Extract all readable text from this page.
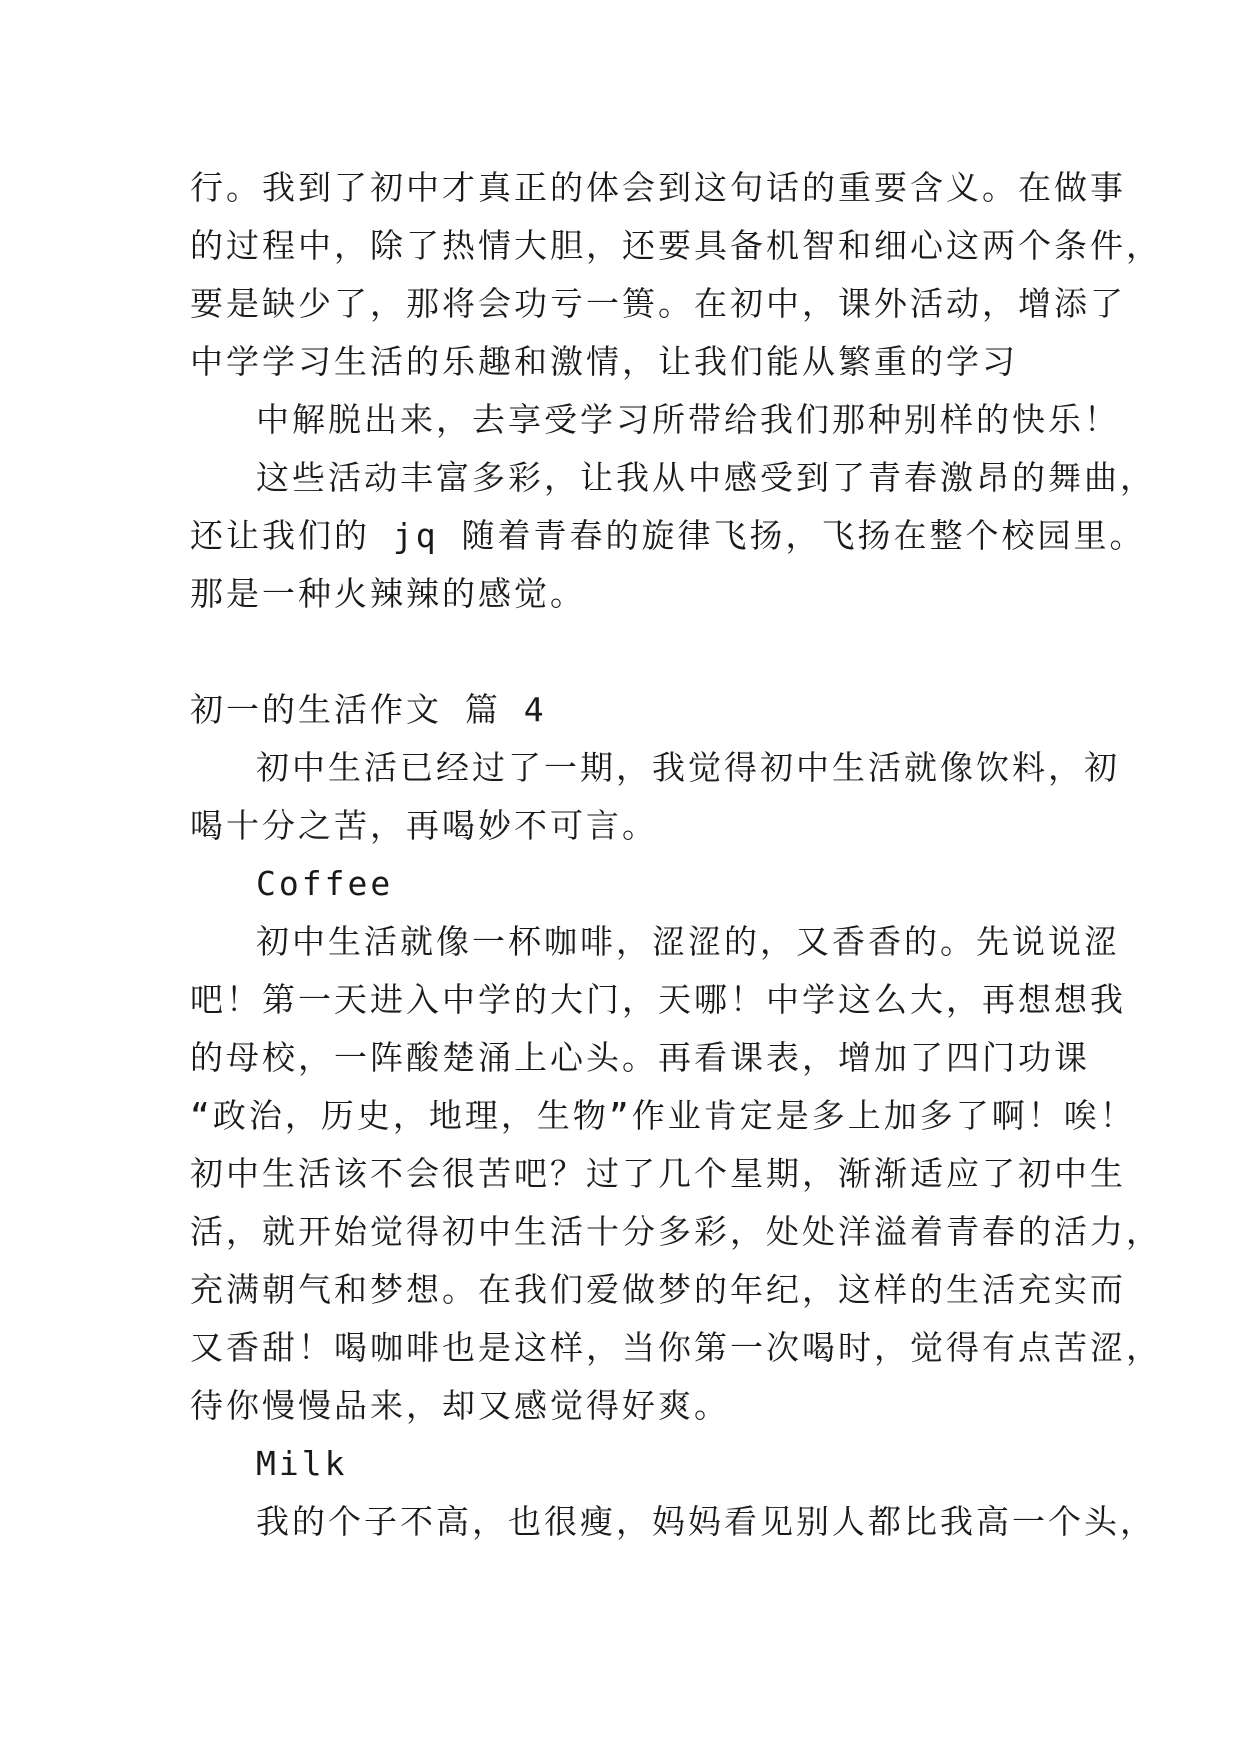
行。我到了初中才真正的体会到这句话的重要含义。在做事
的过程中，除了热情大胆，还要具备机智和细心这两个条件，
要是缺少了，那将会功亏一篑。在初中，课外活动，增添了
中学学习生活的乐趣和激情，让我们能从繁重的学习
中解脱出来，去享受学习所带给我们那种别样的快乐！
这些活动丰富多彩，让我从中感受到了青春激昂的舞曲，
还让我们的 jq 随着青春的旋律飞扬，飞扬在整个校园里。
那是一种火辣辣的感觉。
初一的生活作文 篇 4
初中生活已经过了一期，我觉得初中生活就像饮料，初
喝十分之苦，再喝妙不可言。
Coffee
初中生活就像一杯咖啡，涩涩的，又香香的。先说说涩
吧！第一天进入中学的大门，天哪！中学这么大，再想想我
的母校，一阵酸楚涌上心头。再看课表，增加了四门功课
“政治，历史，地理，生物”作业肯定是多上加多了啊！唉！
初中生活该不会很苦吧？过了几个星期，渐渐适应了初中生
活，就开始觉得初中生活十分多彩，处处洋溢着青春的活力，
充满朝气和梦想。在我们爱做梦的年纪，这样的生活充实而
又香甜！喝咖啡也是这样，当你第一次喝时，觉得有点苦涩，
待你慢慢品来，却又感觉得好爽。
Milk
我的个子不高，也很瘦，妈妈看见别人都比我高一个头，
